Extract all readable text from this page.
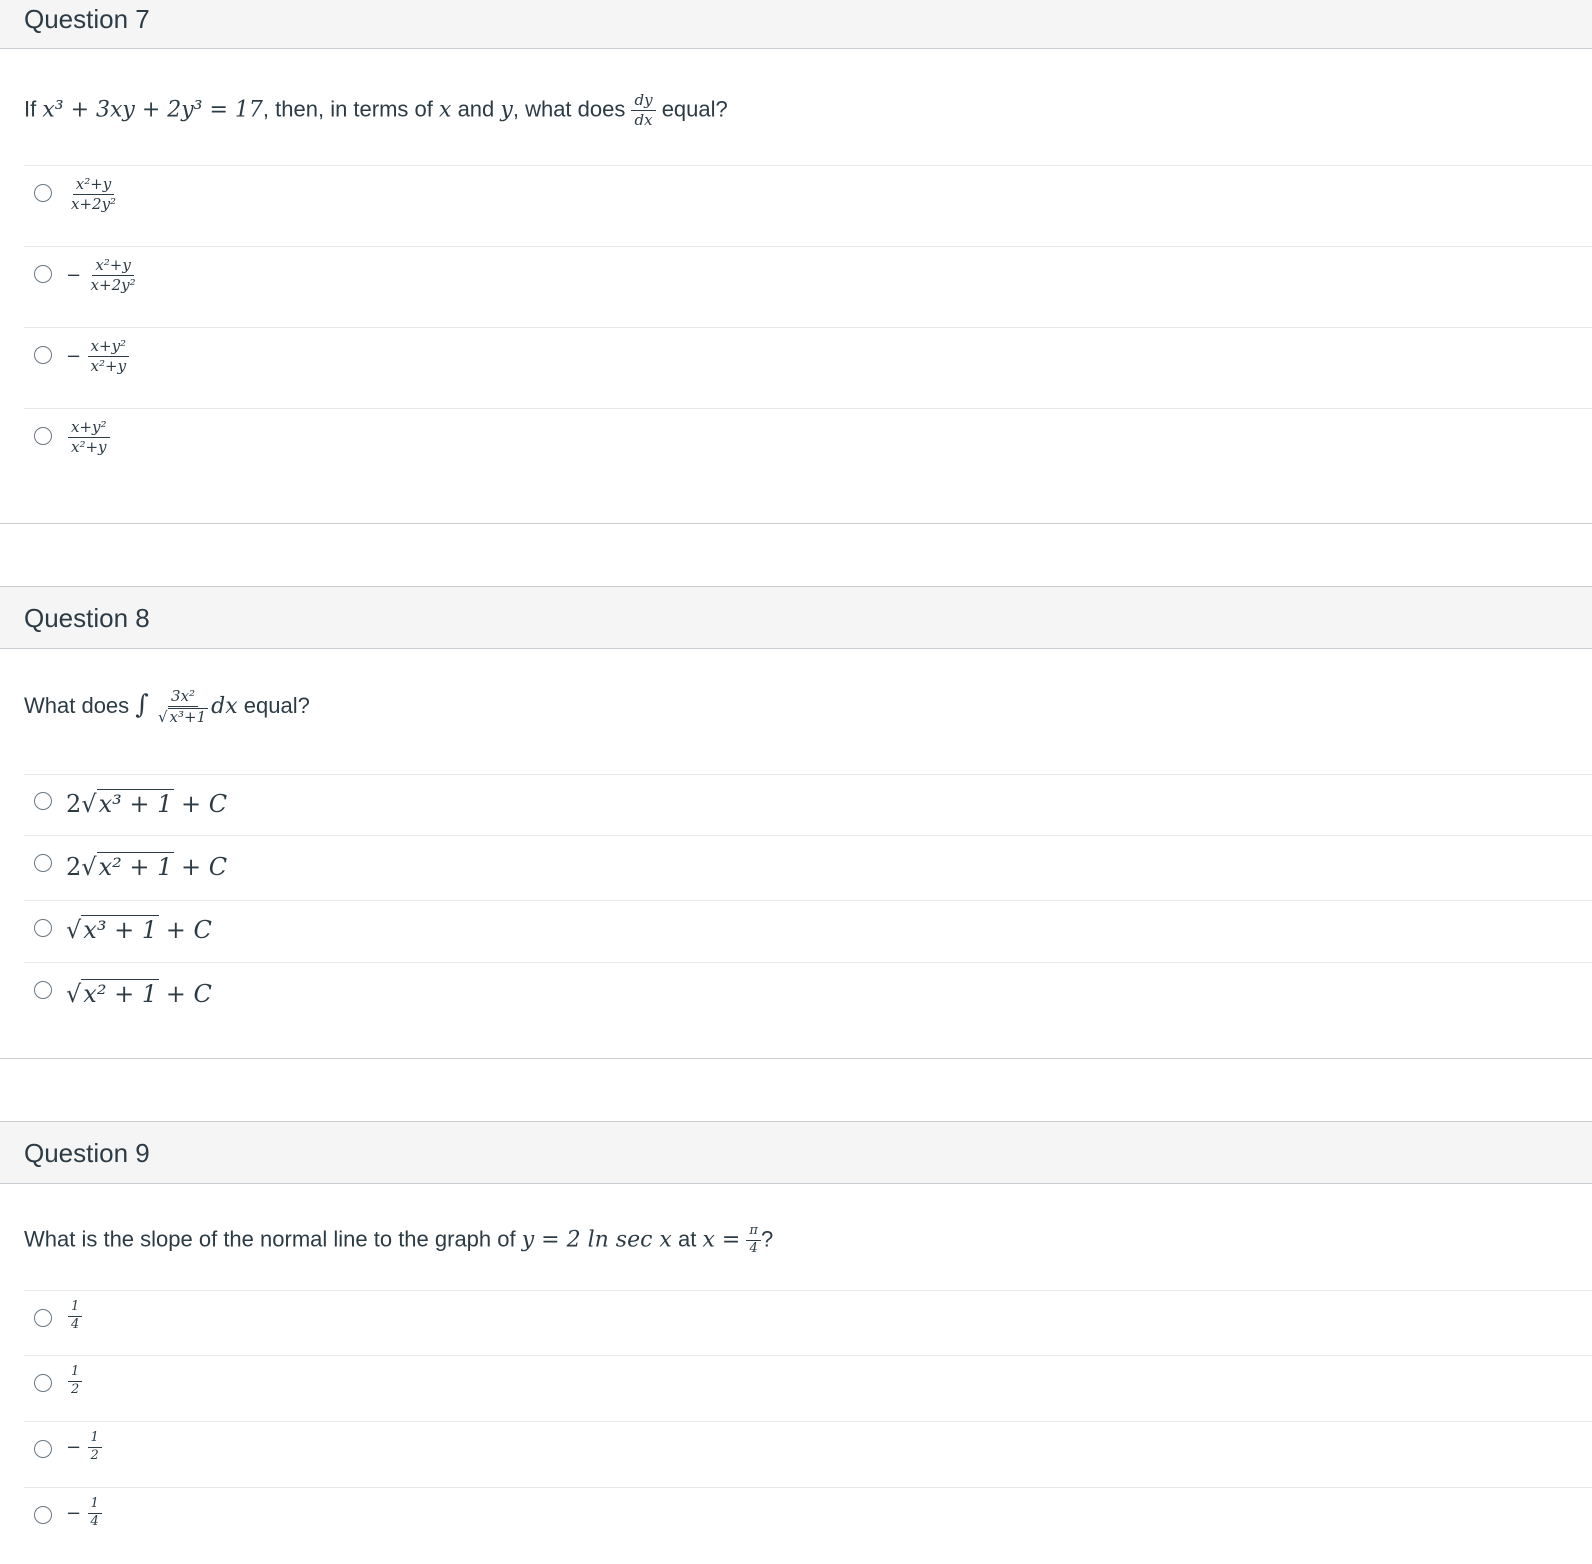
Question 7
If x³ + 3xy + 2y³ = 17, then, in terms of x and y, what does $\frac{dy}{dx}$ equal?
$\frac{\text{x²+y}}{\text{x+2y²}}$
− $\frac{\text{x²+y}}{\text{x+2y²}}$
− $\frac{\text{x+y²}}{\text{x²+y}}$
$\frac{\text{x+y²}}{\text{x²+y}}$
Question 8
What does ∫ $\frac{\text{3x²}}{\text{√ x³+1}}$ dx equal?
2 √ x³ + 1 + C
2 √ x² + 1 + C
√ x³ + 1 + C
√ x² + 1 + C
Question 9
What is the slope of the normal line to the graph of y = 2 ln sec x at $x = \frac{\pi}{4}$ ?
$\frac{1}{4}$
$\frac{1}{2}$
− $\frac{1}{2}$
− $\frac{1}{4}$
